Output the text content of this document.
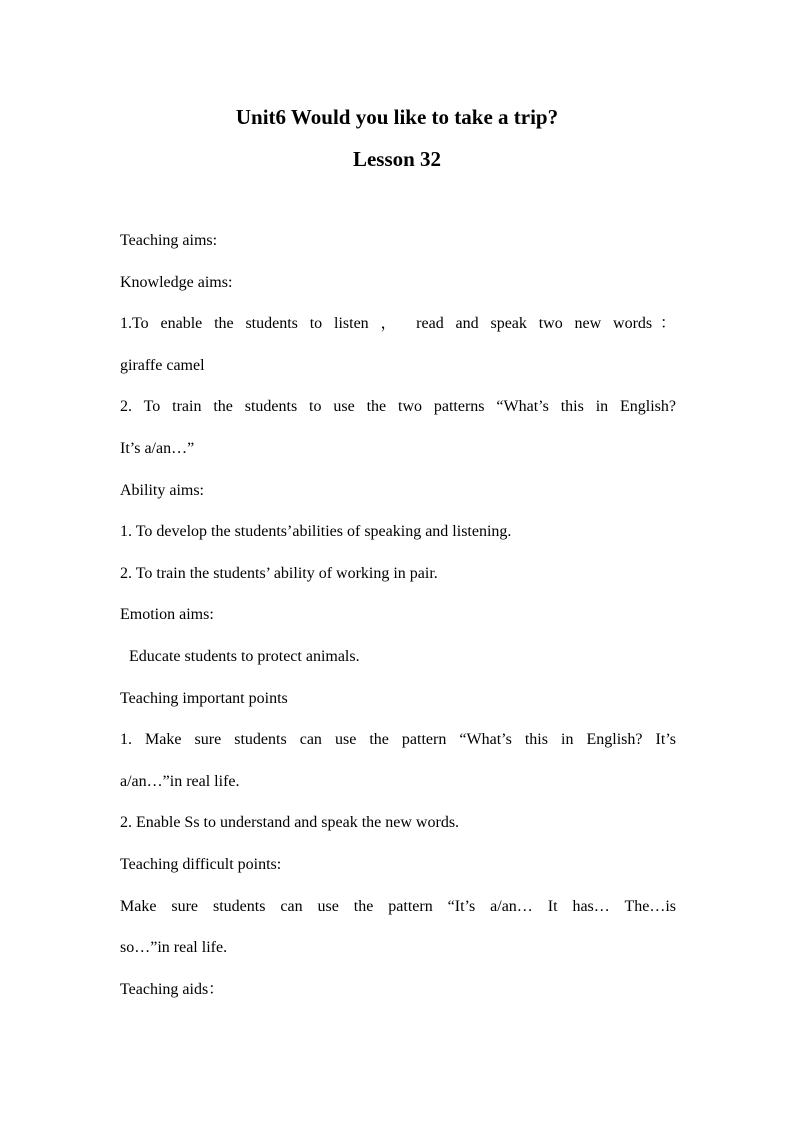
Unit6 Would you like to take a trip?
Lesson 32

Teaching aims:

Knowledge aims:

1.To enable the students to listen ， read and speak two new words：

giraffe camel

2. To train the students to use the two patterns “What’s this in English?

It’s a/an…”

Ability aims:

1. To develop the students’abilities of speaking and listening.

2. To train the students’ ability of working in pair.

Emotion aims:

Educate students to protect animals.

Teaching important points

1. Make sure students can use the pattern “What’s this in English? It’s

a/an…”in real life.

2. Enable Ss to understand and speak the new words.

Teaching difficult points:

Make sure students can use the pattern “It’s a/an… It has… The…is

so…”in real life.

Teaching aids：
